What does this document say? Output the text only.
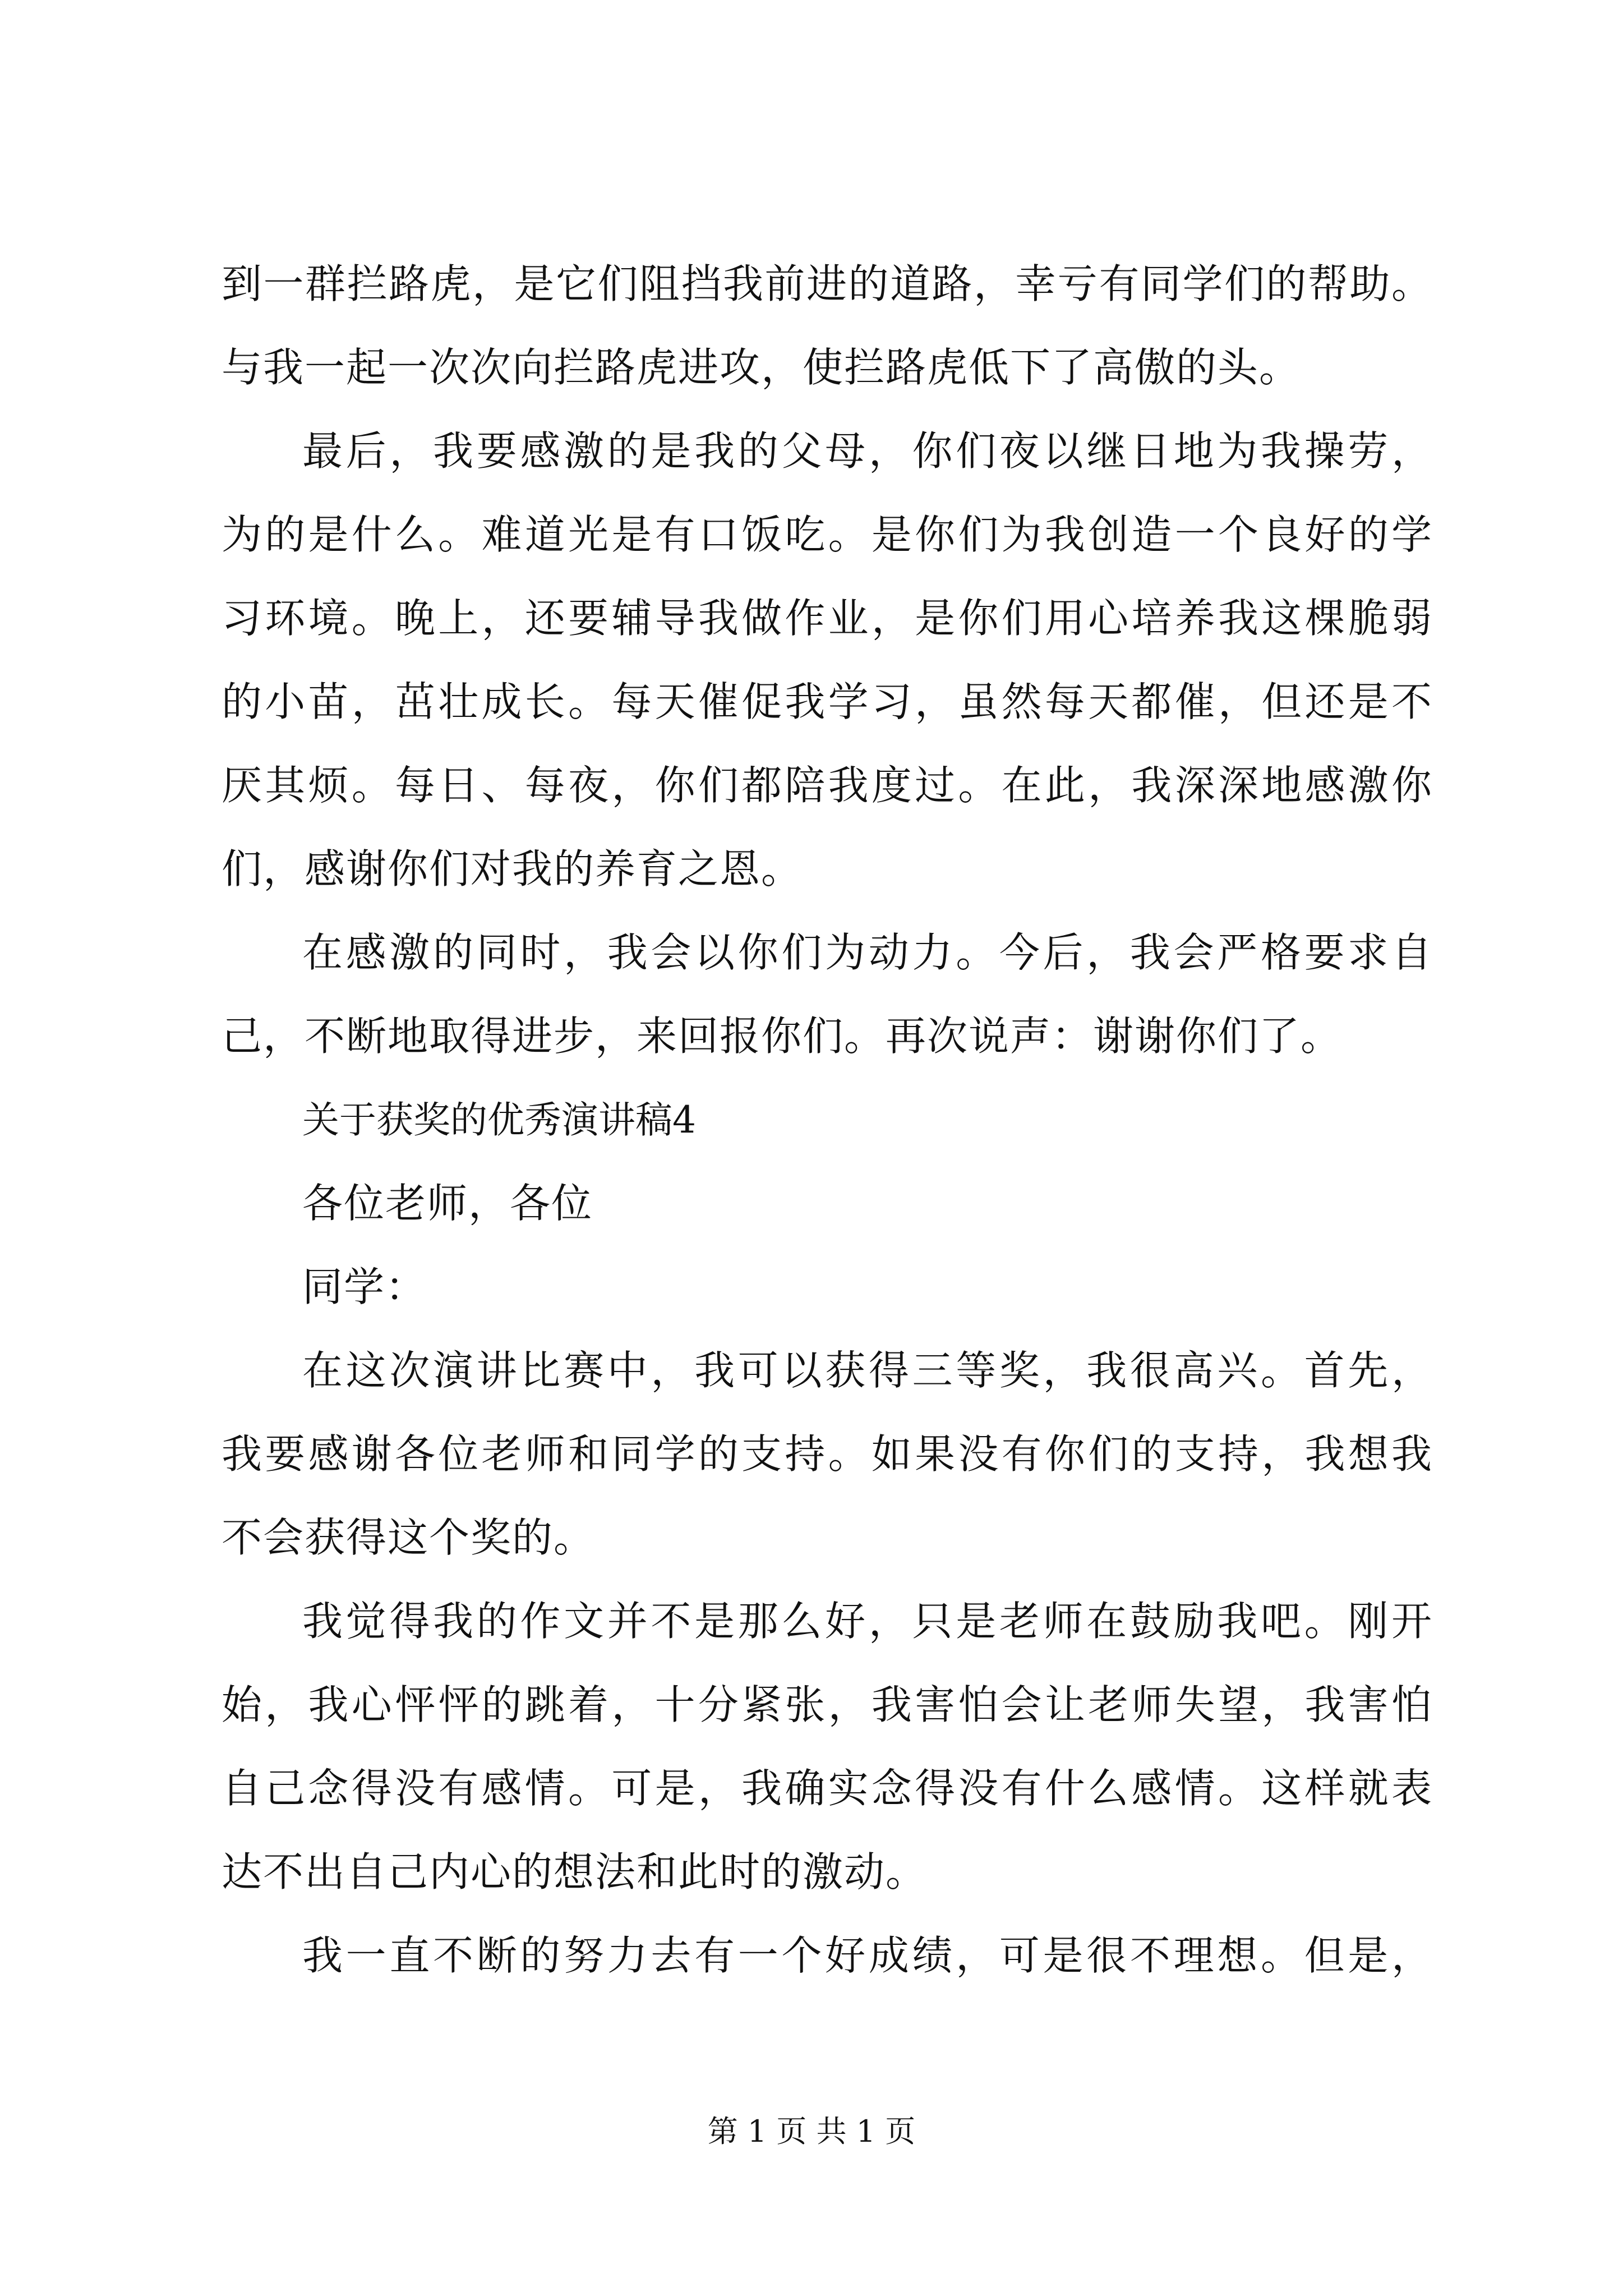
到一群拦路虎，是它们阻挡我前进的道路，幸亏有同学们的帮助。
与我一起一次次向拦路虎进攻，使拦路虎低下了高傲的头。
最后，我要感激的是我的父母，你们夜以继日地为我操劳，
为的是什么。难道光是有口饭吃。是你们为我创造一个良好的学
习环境。晚上，还要辅导我做作业，是你们用心培养我这棵脆弱
的小苗，茁壮成长。每天催促我学习，虽然每天都催，但还是不
厌其烦。每日、每夜，你们都陪我度过。在此，我深深地感激你
们，感谢你们对我的养育之恩。
在感激的同时，我会以你们为动力。今后，我会严格要求自
己，不断地取得进步，来回报你们。再次说声：谢谢你们了。
关于获奖的优秀演讲稿4
各位老师，各位
同学：
在这次演讲比赛中，我可以获得三等奖，我很高兴。首先，
我要感谢各位老师和同学的支持。如果没有你们的支持，我想我
不会获得这个奖的。
我觉得我的作文并不是那么好，只是老师在鼓励我吧。刚开
始，我心怦怦的跳着，十分紧张，我害怕会让老师失望，我害怕
自己念得没有感情。可是，我确实念得没有什么感情。这样就表
达不出自己内心的想法和此时的激动。
我一直不断的努力去有一个好成绩，可是很不理想。但是，
第 1 页 共 1 页
